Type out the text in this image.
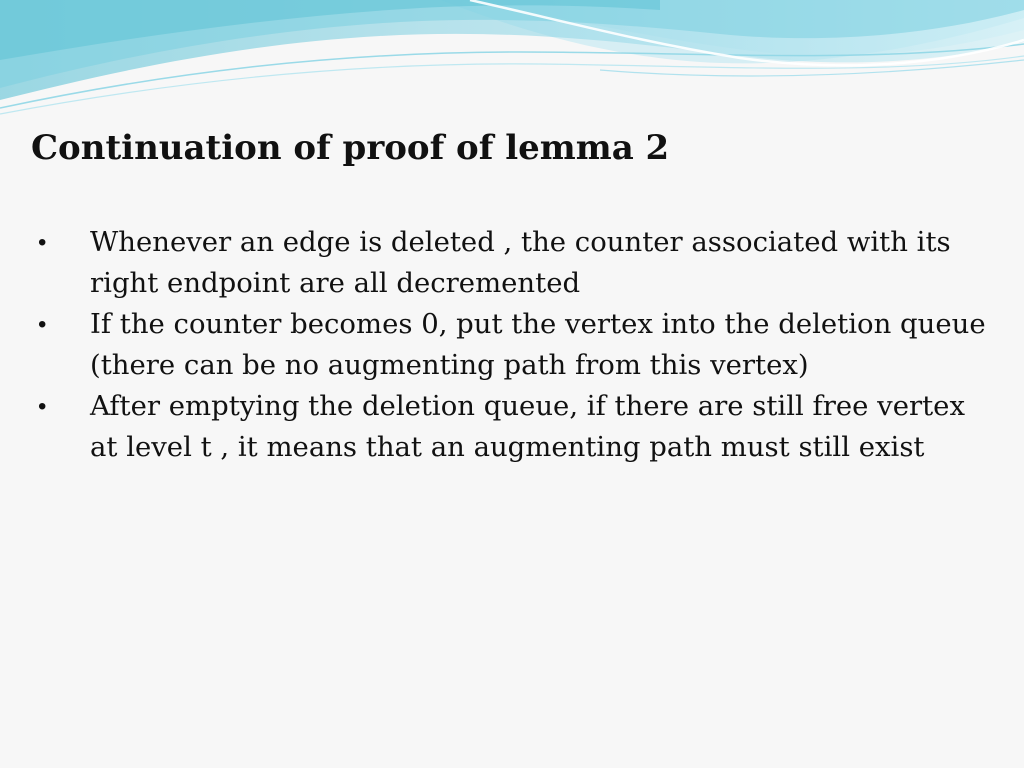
Continuation of proof of lemma 2
• Whenever an edge is deleted , the counter associated with its right endpoint are all decremented
• If the counter becomes 0, put the vertex into the deletion queue (there can be no augmenting path from this vertex)
• After emptying the deletion queue, if there are still free vertex at level t , it means that an augmenting path must still exist
